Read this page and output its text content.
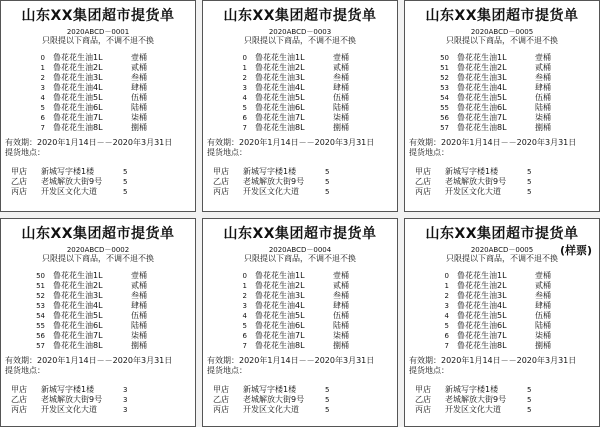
山东XX集团超市提货单
2020ABCD－0001
只限提以下商品，不调不退不换
0 鲁花花生油1L	壹桶
1 鲁花花生油2L	贰桶
2 鲁花花生油3L	叁桶
3 鲁花花生油4L	肆桶
4 鲁花花生油5L	伍桶
5 鲁花花生油6L	陆桶
6 鲁花花生油7L	柒桶
7 鲁花花生油8L	捌桶
有效期：2020年1月14日－－2020年3月31日
提货地点：
甲店 新城写字楼1楼	5
乙店 老城解放大街9号	5
丙店 开发区文化大道	5
山东XX集团超市提货单
2020ABCD－0003
只限提以下商品，不调不退不换
0 鲁花花生油1L	壹桶
1 鲁花花生油2L	贰桶
2 鲁花花生油3L	叁桶
3 鲁花花生油4L	肆桶
4 鲁花花生油5L	伍桶
5 鲁花花生油6L	陆桶
6 鲁花花生油7L	柒桶
7 鲁花花生油8L	捌桶
有效期：2020年1月14日－－2020年3月31日
提货地点：
甲店 新城写字楼1楼	5
乙店 老城解放大街9号	5
丙店 开发区文化大道	5
山东XX集团超市提货单
2020ABCD－0005
只限提以下商品，不调不退不换
50 鲁花花生油1L	壹桶
51 鲁花花生油2L	贰桶
52 鲁花花生油3L	叁桶
53 鲁花花生油4L	肆桶
54 鲁花花生油5L	伍桶
55 鲁花花生油6L	陆桶
56 鲁花花生油7L	柒桶
57 鲁花花生油8L	捌桶
有效期：2020年1月14日－－2020年3月31日
提货地点：
甲店 新城写字楼1楼	5
乙店 老城解放大街9号	5
丙店 开发区文化大道	5
山东XX集团超市提货单
2020ABCD－0002
只限提以下商品，不调不退不换
50 鲁花花生油1L	壹桶
51 鲁花花生油2L	贰桶
52 鲁花花生油3L	叁桶
53 鲁花花生油4L	肆桶
54 鲁花花生油5L	伍桶
55 鲁花花生油6L	陆桶
56 鲁花花生油7L	柒桶
57 鲁花花生油8L	捌桶
有效期：2020年1月14日－－2020年3月31日
提货地点：
甲店 新城写字楼1楼	3
乙店 老城解放大街9号	3
丙店 开发区文化大道	3
山东XX集团超市提货单
2020ABCD－0004
只限提以下商品，不调不退不换
0 鲁花花生油1L	壹桶
1 鲁花花生油2L	贰桶
2 鲁花花生油3L	叁桶
3 鲁花花生油4L	肆桶
4 鲁花花生油5L	伍桶
5 鲁花花生油6L	陆桶
6 鲁花花生油7L	柒桶
7 鲁花花生油8L	捌桶
有效期：2020年1月14日－－2020年3月31日
提货地点：
甲店 新城写字楼1楼	5
乙店 老城解放大街9号	5
丙店 开发区文化大道	5
山东XX集团超市提货单
2020ABCD－0005
只限提以下商品，不调不退不换
0 鲁花花生油1L	壹桶
1 鲁花花生油2L	贰桶
2 鲁花花生油3L	叁桶
3 鲁花花生油4L	肆桶
4 鲁花花生油5L	伍桶
5 鲁花花生油6L	陆桶
6 鲁花花生油7L	柒桶
7 鲁花花生油8L	捌桶
有效期：2020年1月14日－－2020年3月31日
提货地点：
甲店 新城写字楼1楼	5
乙店 老城解放大街9号	5
丙店 开发区文化大道	5
(样票)
